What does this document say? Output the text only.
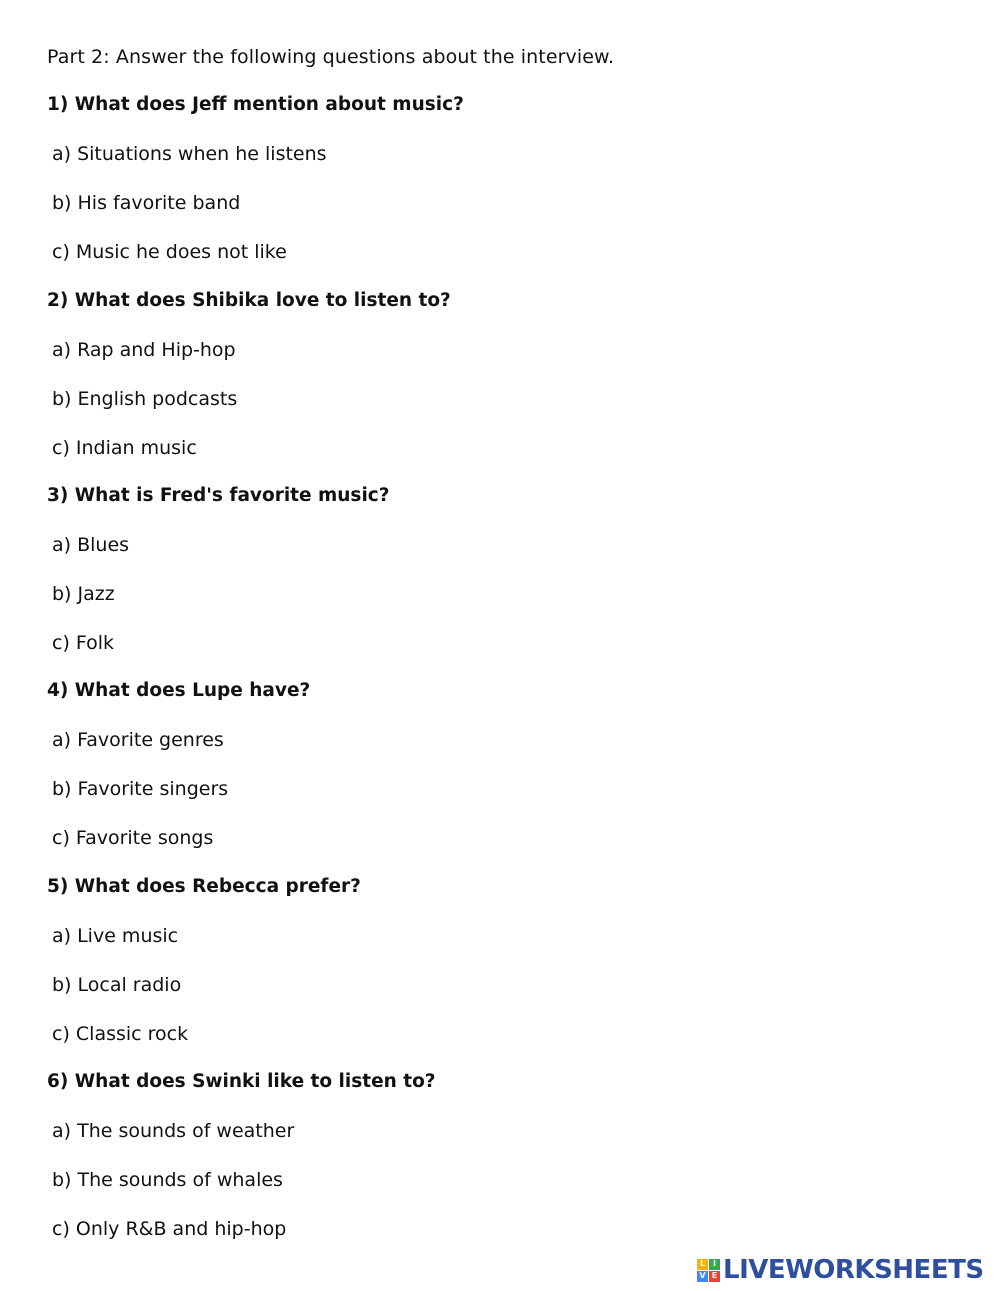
Part 2: Answer the following questions about the interview.
1) What does Jeff mention about music?
a) Situations when he listens
b) His favorite band
c) Music he does not like
2) What does Shibika love to listen to?
a) Rap and Hip-hop
b) English podcasts
c) Indian music
3) What is Fred's favorite music?
a) Blues
b) Jazz
c) Folk
4) What does Lupe have?
a) Favorite genres
b) Favorite singers
c) Favorite songs
5) What does Rebecca prefer?
a) Live music
b) Local radio
c) Classic rock
6) What does Swinki like to listen to?
a) The sounds of weather
b) The sounds of whales
c) Only R&B and hip-hop
L I
V E LIVEWORKSHEETS
